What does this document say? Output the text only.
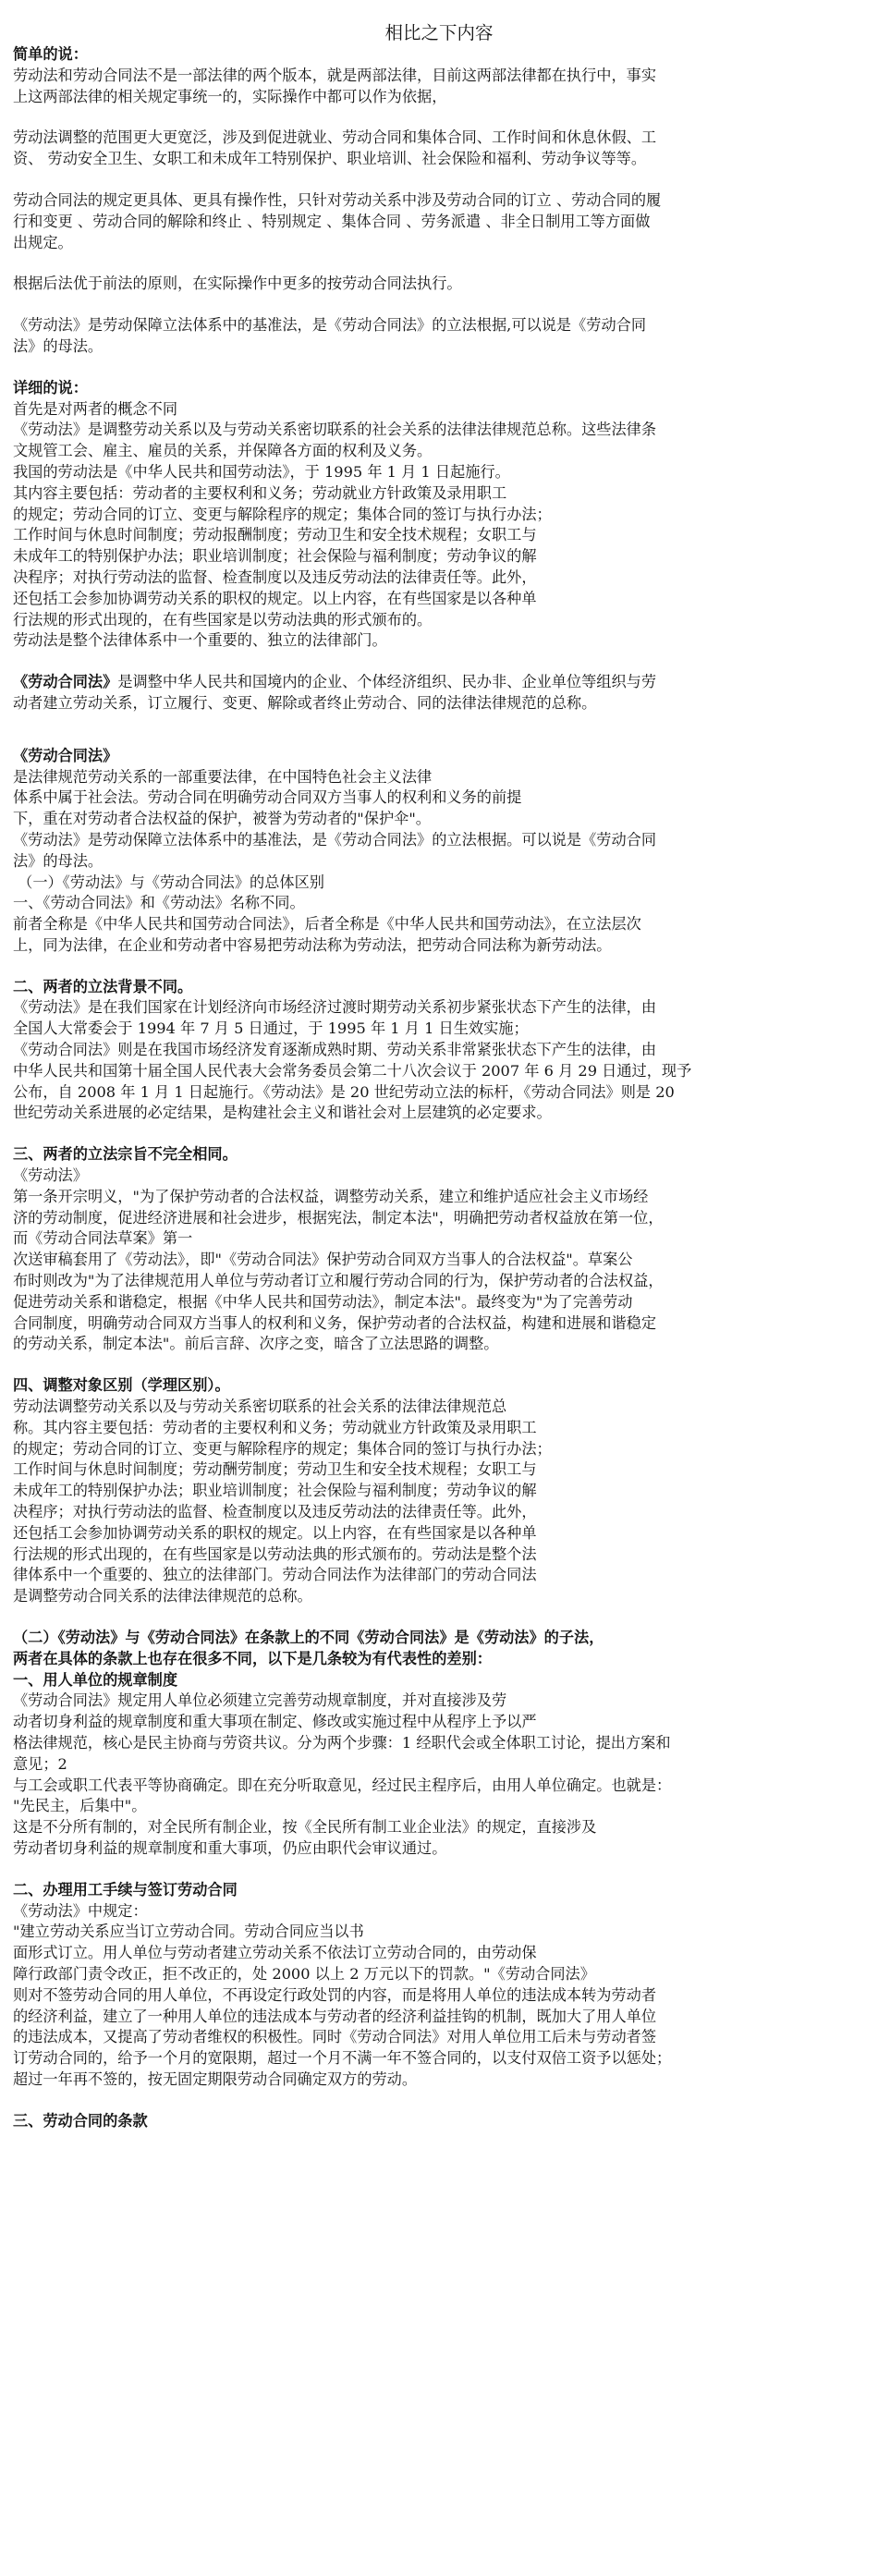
相比之下内容
简单的说：
劳动法和劳动合同法不是一部法律的两个版本，就是两部法律，目前这两部法律都在执行中，事实
上这两部法律的相关规定事统一的，实际操作中都可以作为依据，
劳动法调整的范围更大更宽泛，涉及到促进就业、劳动合同和集体合同、工作时间和休息休假、工
资、 劳动安全卫生、女职工和未成年工特别保护、职业培训、社会保险和福利、劳动争议等等。
劳动合同法的规定更具体、更具有操作性，只针对劳动关系中涉及劳动合同的订立 、劳动合同的履
行和变更 、劳动合同的解除和终止 、特别规定 、集体合同 、劳务派遣 、非全日制用工等方面做
出规定。
根据后法优于前法的原则，在实际操作中更多的按劳动合同法执行。
《劳动法》是劳动保障立法体系中的基准法，是《劳动合同法》的立法根据,可以说是《劳动合同
法》的母法。
详细的说：
首先是对两者的概念不同
《劳动法》是调整劳动关系以及与劳动关系密切联系的社会关系的法律法律规范总称。这些法律条
文规管工会、雇主、雇员的关系，并保障各方面的权利及义务。
我国的劳动法是《中华人民共和国劳动法》，于 1995 年 1 月 1 日起施行。
其内容主要包括：劳动者的主要权利和义务；劳动就业方针政策及录用职工
的规定；劳动合同的订立、变更与解除程序的规定；集体合同的签订与执行办法；
工作时间与休息时间制度；劳动报酬制度；劳动卫生和安全技术规程；女职工与
未成年工的特别保护办法；职业培训制度；社会保险与福利制度；劳动争议的解
决程序；对执行劳动法的监督、检查制度以及违反劳动法的法律责任等。此外，
还包括工会参加协调劳动关系的职权的规定。以上内容，在有些国家是以各种单
行法规的形式出现的，在有些国家是以劳动法典的形式颁布的。
劳动法是整个法律体系中一个重要的、独立的法律部门。
《劳动合同法》是调整中华人民共和国境内的企业、个体经济组织、民办非、企业单位等组织与劳
动者建立劳动关系，订立履行、变更、解除或者终止劳动合、同的法律法律规范的总称。
《劳动合同法》
是法律规范劳动关系的一部重要法律，在中国特色社会主义法律
体系中属于社会法。劳动合同在明确劳动合同双方当事人的权利和义务的前提
下，重在对劳动者合法权益的保护，被誉为劳动者的"保护伞"。
《劳动法》是劳动保障立法体系中的基准法，是《劳动合同法》的立法根据。可以说是《劳动合同
法》的母法。
（一）《劳动法》与《劳动合同法》的总体区别
一、《劳动合同法》和《劳动法》名称不同。
前者全称是《中华人民共和国劳动合同法》，后者全称是《中华人民共和国劳动法》，在立法层次
上，同为法律，在企业和劳动者中容易把劳动法称为劳动法，把劳动合同法称为新劳动法。
二、两者的立法背景不同。
《劳动法》是在我们国家在计划经济向市场经济过渡时期劳动关系初步紧张状态下产生的法律，由
全国人大常委会于 1994 年 7 月 5 日通过，于 1995 年 1 月 1 日生效实施；
《劳动合同法》则是在我国市场经济发育逐渐成熟时期、劳动关系非常紧张状态下产生的法律，由
中华人民共和国第十届全国人民代表大会常务委员会第二十八次会议于 2007 年 6 月 29 日通过，现予
公布，自 2008 年 1 月 1 日起施行。《劳动法》是 20 世纪劳动立法的标杆，《劳动合同法》则是 20
世纪劳动关系进展的必定结果，是构建社会主义和谐社会对上层建筑的必定要求。
三、两者的立法宗旨不完全相同。
《劳动法》
第一条开宗明义，"为了保护劳动者的合法权益，调整劳动关系，建立和维护适应社会主义市场经
济的劳动制度，促进经济进展和社会进步，根据宪法，制定本法"，明确把劳动者权益放在第一位，
而《劳动合同法草案》第一
次送审稿套用了《劳动法》，即"《劳动合同法》保护劳动合同双方当事人的合法权益"。草案公
布时则改为"为了法律规范用人单位与劳动者订立和履行劳动合同的行为，保护劳动者的合法权益，
促进劳动关系和谐稳定，根据《中华人民共和国劳动法》，制定本法"。最终变为"为了完善劳动
合同制度，明确劳动合同双方当事人的权利和义务，保护劳动者的合法权益，构建和进展和谐稳定
的劳动关系，制定本法"。前后言辞、次序之变，暗含了立法思路的调整。
四、调整对象区别（学理区别）。
劳动法调整劳动关系以及与劳动关系密切联系的社会关系的法律法律规范总
称。其内容主要包括：劳动者的主要权利和义务；劳动就业方针政策及录用职工
的规定；劳动合同的订立、变更与解除程序的规定；集体合同的签订与执行办法；
工作时间与休息时间制度；劳动酬劳制度；劳动卫生和安全技术规程；女职工与
未成年工的特别保护办法；职业培训制度；社会保险与福利制度；劳动争议的解
决程序；对执行劳动法的监督、检查制度以及违反劳动法的法律责任等。此外，
还包括工会参加协调劳动关系的职权的规定。以上内容，在有些国家是以各种单
行法规的形式出现的，在有些国家是以劳动法典的形式颁布的。劳动法是整个法
律体系中一个重要的、独立的法律部门。劳动合同法作为法律部门的劳动合同法
是调整劳动合同关系的法律法律规范的总称。
（二）《劳动法》与《劳动合同法》在条款上的不同《劳动合同法》是《劳动法》的子法，
两者在具体的条款上也存在很多不同，以下是几条较为有代表性的差别：
一、用人单位的规章制度
《劳动合同法》规定用人单位必须建立完善劳动规章制度，并对直接涉及劳
动者切身利益的规章制度和重大事项在制定、修改或实施过程中从程序上予以严
格法律规范，核心是民主协商与劳资共议。分为两个步骤：1 经职代会或全体职工讨论，提出方案和
意见；2
与工会或职工代表平等协商确定。即在充分听取意见，经过民主程序后，由用人单位确定。也就是：
"先民主，后集中"。
这是不分所有制的，对全民所有制企业，按《全民所有制工业企业法》的规定，直接涉及
劳动者切身利益的规章制度和重大事项，仍应由职代会审议通过。
二、办理用工手续与签订劳动合同
《劳动法》中规定：
"建立劳动关系应当订立劳动合同。劳动合同应当以书
面形式订立。用人单位与劳动者建立劳动关系不依法订立劳动合同的，由劳动保
障行政部门责令改正，拒不改正的，处 2000 以上 2 万元以下的罚款。"《劳动合同法》
则对不签劳动合同的用人单位，不再设定行政处罚的内容，而是将用人单位的违法成本转为劳动者
的经济利益，建立了一种用人单位的违法成本与劳动者的经济利益挂钩的机制，既加大了用人单位
的违法成本，又提高了劳动者维权的积极性。同时《劳动合同法》对用人单位用工后未与劳动者签
订劳动合同的，给予一个月的宽限期，超过一个月不满一年不签合同的，以支付双倍工资予以惩处；
超过一年再不签的，按无固定期限劳动合同确定双方的劳动。
三、劳动合同的条款
